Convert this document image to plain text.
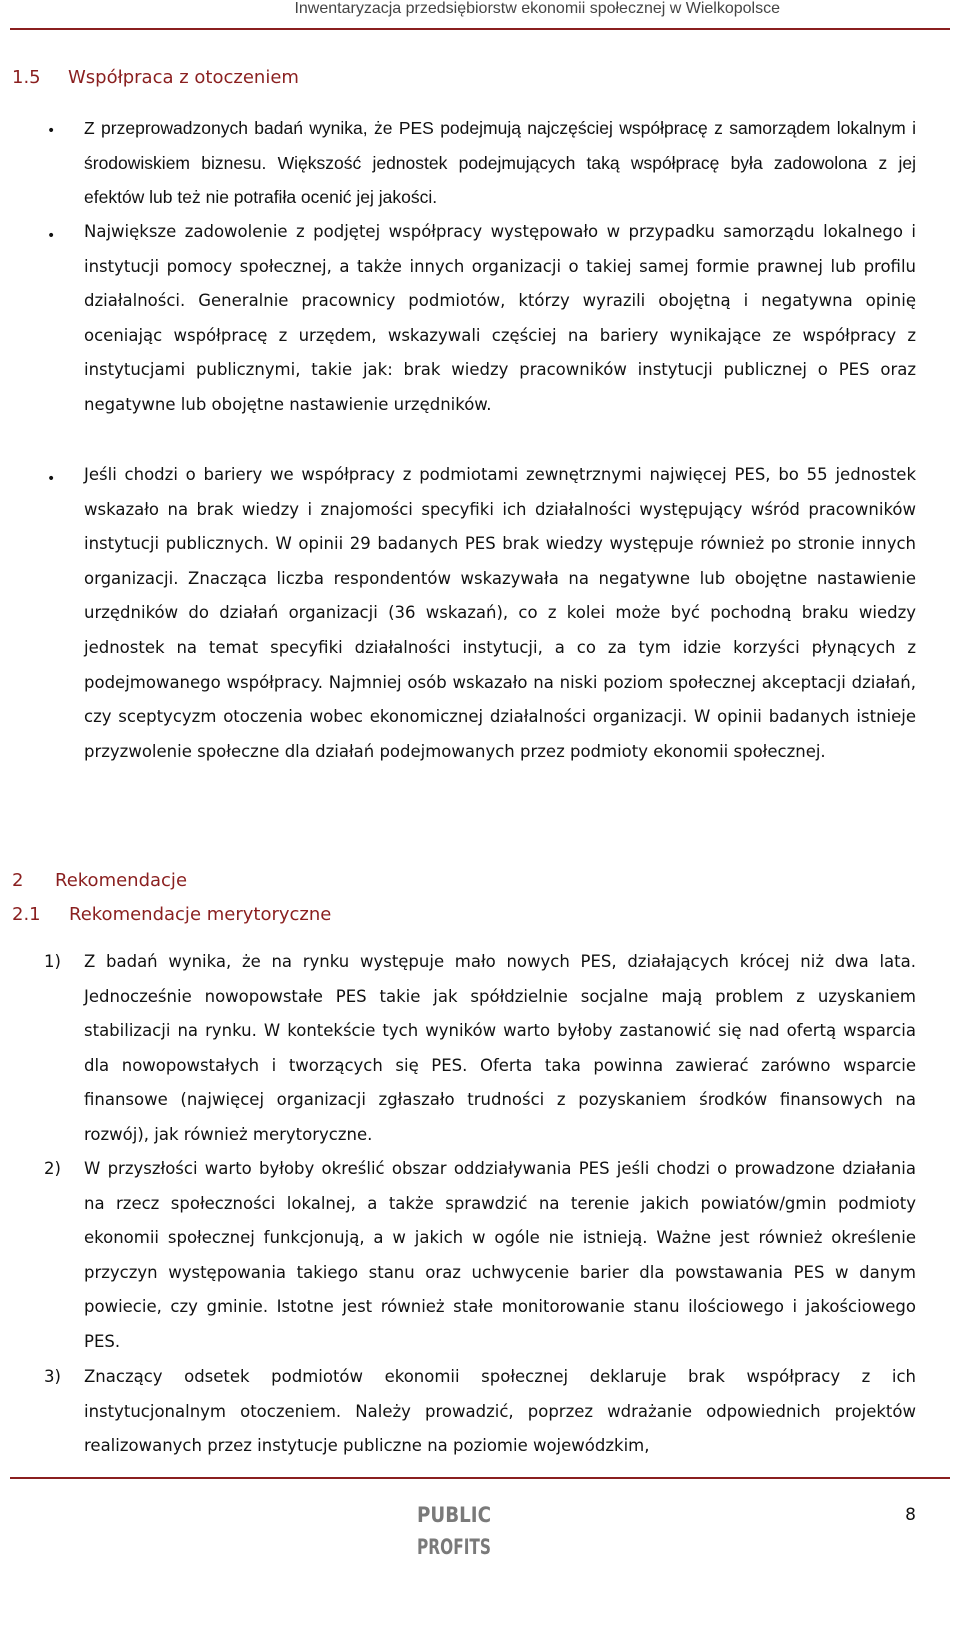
Inwentaryzacja przedsiębiorstw ekonomii społecznej w Wielkopolsce
1.5 Współpraca z otoczeniem
• Z przeprowadzonych badań wynika, że PES podejmują najczęściej współpracę z samorządem lokalnym i środowiskiem biznesu. Większość jednostek podejmujących taką współpracę była zadowolona z jej efektów lub też nie potrafiła ocenić jej jakości.
• Największe zadowolenie z podjętej współpracy występowało w przypadku samorządu lokalnego i instytucji pomocy społecznej, a także innych organizacji o takiej samej formie prawnej lub profilu działalności. Generalnie pracownicy podmiotów, którzy wyrazili obojętną i negatywna opinię oceniając współpracę z urzędem, wskazywali częściej na bariery wynikające ze współpracy z instytucjami publicznymi, takie jak: brak wiedzy pracowników instytucji publicznej o PES oraz negatywne lub obojętne nastawienie urzędników.
• Jeśli chodzi o bariery we współpracy z podmiotami zewnętrznymi najwięcej PES, bo 55 jednostek wskazało na brak wiedzy i znajomości specyfiki ich działalności występujący wśród pracowników instytucji publicznych. W opinii 29 badanych PES brak wiedzy występuje również po stronie innych organizacji. Znacząca liczba respondentów wskazywała na negatywne lub obojętne nastawienie urzędników do działań organizacji (36 wskazań), co z kolei może być pochodną braku wiedzy jednostek na temat specyfiki działalności instytucji, a co za tym idzie korzyści płynących z podejmowanego współpracy. Najmniej osób wskazało na niski poziom społecznej akceptacji działań, czy sceptycyzm otoczenia wobec ekonomicznej działalności organizacji. W opinii badanych istnieje przyzwolenie społeczne dla działań podejmowanych przez podmioty ekonomii społecznej.
2 Rekomendacje
2.1 Rekomendacje merytoryczne
1) Z badań wynika, że na rynku występuje mało nowych PES, działających krócej niż dwa lata. Jednocześnie nowopowstałe PES takie jak spółdzielnie socjalne mają problem z uzyskaniem stabilizacji na rynku. W kontekście tych wyników warto byłoby zastanowić się nad ofertą wsparcia dla nowopowstałych i tworzących się PES. Oferta taka powinna zawierać zarówno wsparcie finansowe (najwięcej organizacji zgłaszało trudności z pozyskaniem środków finansowych na rozwój), jak również merytoryczne.
2) W przyszłości warto byłoby określić obszar oddziaływania PES jeśli chodzi o prowadzone działania na rzecz społeczności lokalnej, a także sprawdzić na terenie jakich powiatów/gmin podmioty ekonomii społecznej funkcjonują, a w jakich w ogóle nie istnieją. Ważne jest również określenie przyczyn występowania takiego stanu oraz uchwycenie barier dla powstawania PES w danym powiecie, czy gminie. Istotne jest również stałe monitorowanie stanu ilościowego i jakościowego PES.
3) Znaczący odsetek podmiotów ekonomii społecznej deklaruje brak współpracy z ich instytucjonalnym otoczeniem. Należy prowadzić, poprzez wdrażanie odpowiednich projektów realizowanych przez instytucje publiczne na poziomie wojewódzkim,
PUBLIC
PROFITS
8
